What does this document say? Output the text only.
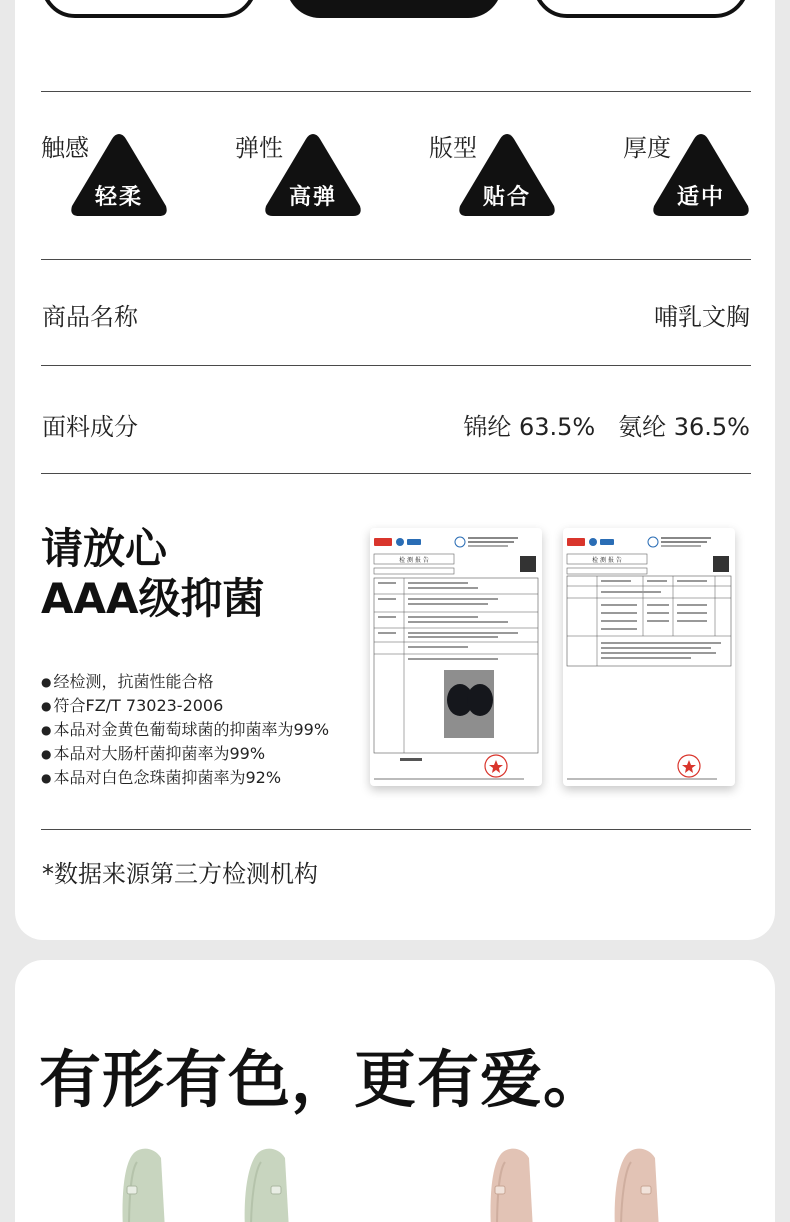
触感
轻柔
弹性
高弹
版型
贴合
厚度
适中
商品名称	哺乳文胸
面料成分	锦纶 63.5%   氨纶 36.5%
请放心
AAA级抑菌
● 经检测，抗菌性能合格
● 符合FZ/T 73023-2006
● 本品对金黄色葡萄球菌的抑菌率为99%
● 本品对大肠杆菌抑菌率为99%
● 本品对白色念珠菌抑菌率为92%
检 测 报 告	检 测 报 告
*数据来源第三方检测机构
有形有色，更有爱。
